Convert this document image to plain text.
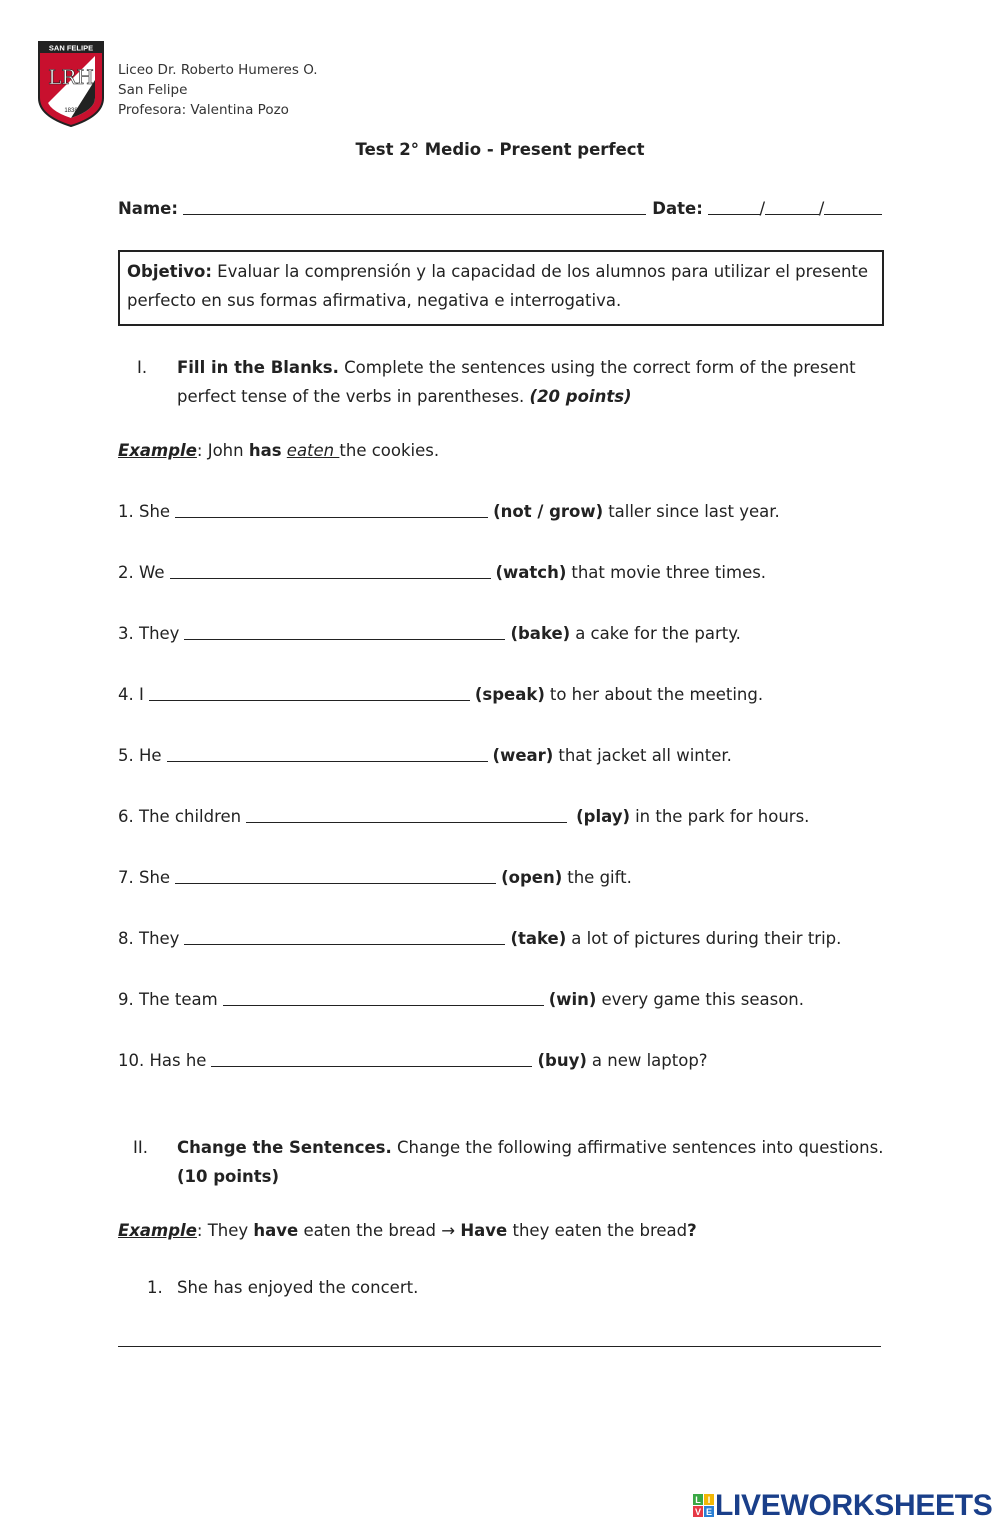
SAN FELIPE
LRH
1838
Liceo Dr. Roberto Humeres O.
San Felipe
Profesora: Valentina Pozo
Test 2° Medio - Present perfect
Name:	Date:	/	/
Objetivo: Evaluar la comprensión y la capacidad de los alumnos para utilizar el presente perfecto en sus formas afirmativa, negativa e interrogativa.
I. Fill in the Blanks. Complete the sentences using the correct form of the present perfect tense of the verbs in parentheses. (20 points)
Example: John has eaten the cookies.
1. She	(not / grow) taller since last year.
2. We	(watch) that movie three times.
3. They	(bake) a cake for the party.
4. I	(speak) to her about the meeting.
5. He	(wear) that jacket all winter.
6. The children	(play) in the park for hours.
7. She	(open) the gift.
8. They	(take) a lot of pictures during their trip.
9. The team	(win) every game this season.
10. Has he	(buy) a new laptop?
II. Change the Sentences. Change the following affirmative sentences into questions.
(10 points)
Example: They have eaten the bread → Have they eaten the bread?
1. She has enjoyed the concert.
L I
V E LIVEWORKSHEETS
